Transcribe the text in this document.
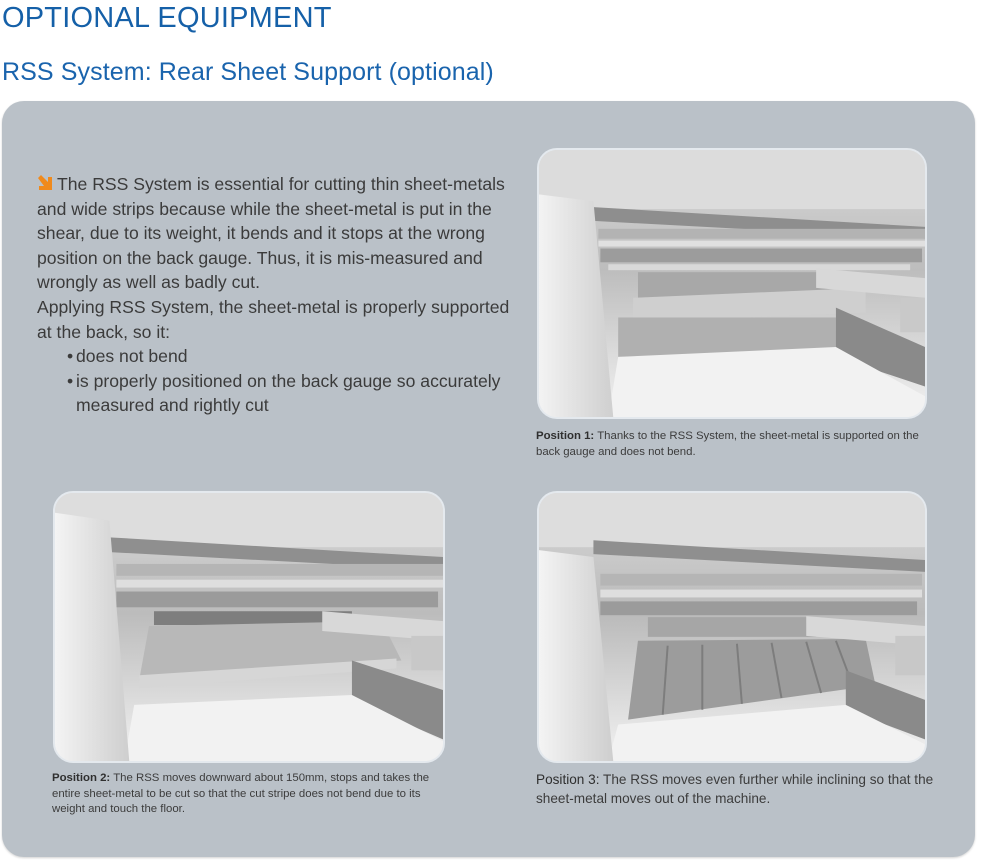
OPTIONAL EQUIPMENT
RSS System: Rear Sheet Support (optional)

The RSS System is essential for cutting thin sheet-metals and wide strips because while the sheet-metal is put in the shear, due to its weight, it bends and it stops at the wrong position on the back gauge. Thus, it is mis-measured and wrongly as well as badly cut.

Applying RSS System, the sheet-metal is properly supported at the back, so it:

• does not bend
• is properly positioned on the back gauge so accurately measured and rightly cut
Position 1: Thanks to the RSS System, the sheet-metal is supported on the back gauge and does not bend.
Position 2: The RSS moves downward about 150mm, stops and takes the entire sheet-metal to be cut so that the cut stripe does not bend due to its weight and touch the floor.
Position 3: The RSS moves even further while inclining so that the sheet-metal moves out of the machine.
